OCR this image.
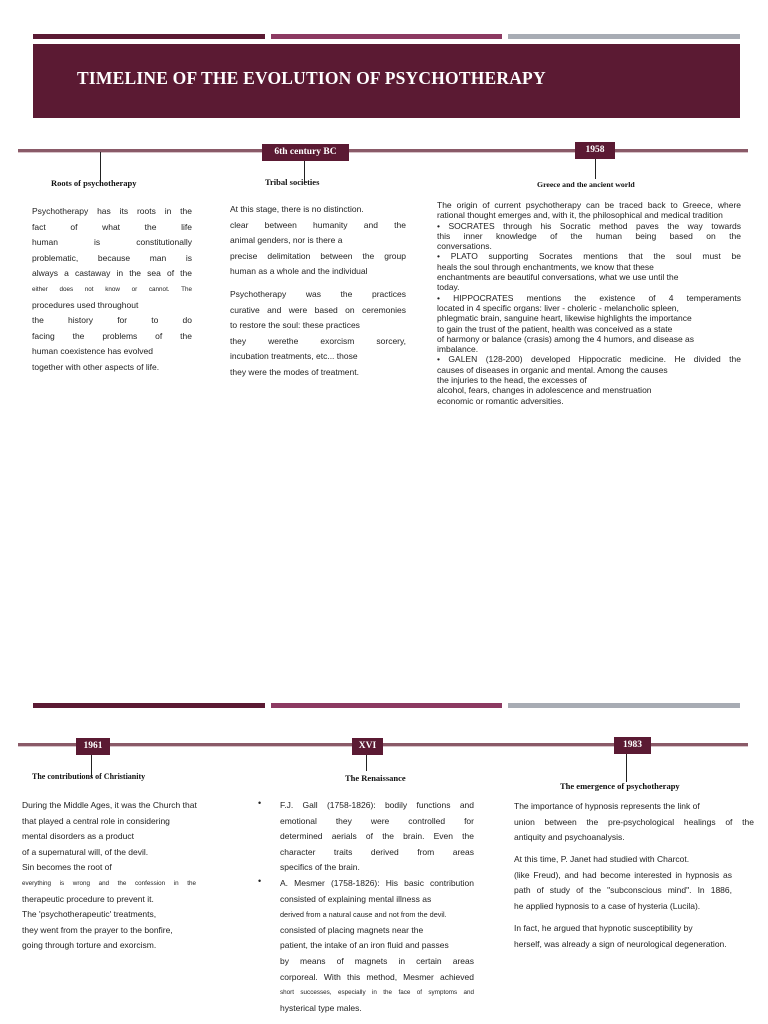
TIMELINE OF THE EVOLUTION OF PSYCHOTHERAPY
6th century BC	1958
Roots of psychotherapy	Tribal societies	Greece and the ancient world
Psychotherapy has its roots in the
fact of what the life
human is constitutionally
problematic, because man is
always a castaway in the sea of the
either does not know or cannot. The
procedures used throughout
the history for to do
facing the problems of the
human coexistence has evolved
together with other aspects of life.
At this stage, there is no distinction.
clear between humanity and the
animal genders, nor is there a
precise delimitation between the group
human as a whole and the individual
Psychotherapy was the practices
curative and were based on ceremonies
to restore the soul: these practices
they werethe exorcism sorcery,
incubation treatments, etc... those
they were the modes of treatment.
The origin of current psychotherapy can be traced back to Greece, where
rational thought emerges and, with it, the philosophical and medical tradition
• SOCRATES through his Socratic method paves the way towards
this inner knowledge of the human being based on the
conversations.
• PLATO supporting Socrates mentions that the soul must be
heals the soul through enchantments, we know that these
enchantments are beautiful conversations, what we use until the
today.
• HIPPOCRATES mentions the existence of 4 temperaments
located in 4 specific organs: liver - choleric - melancholic spleen,
phlegmatic brain, sanguine heart, likewise highlights the importance
to gain the trust of the patient, health was conceived as a state
of harmony or balance (crasis) among the 4 humors, and disease as
imbalance.
• GALEN (128-200) developed Hippocratic medicine. He divided the
causes of diseases in organic and mental. Among the causes
the injuries to the head, the excesses of
alcohol, fears, changes in adolescence and menstruation
economic or romantic adversities.
1961	XVI	1983
The contributions of Christianity	The Renaissance
The emergence of psychotherapy
During the Middle Ages, it was the Church that
that played a central role in considering
mental disorders as a product
of a supernatural will, of the devil.
Sin becomes the root of
everything is wrong and the confession in the
therapeutic procedure to prevent it.
The 'psychotherapeutic' treatments,
they went from the prayer to the bonfire,
going through torture and exorcism.
•
•
F.J. Gall (1758-1826): bodily functions and
emotional they were controlled for
determined aerials of the brain. Even the
character traits derived from areas
specifics of the brain.
A. Mesmer (1758-1826): His basic contribution
consisted of explaining mental illness as
derived from a natural cause and not from the devil.
consisted of placing magnets near the
patient, the intake of an iron fluid and passes
by means of magnets in certain areas
corporeal. With this method, Mesmer achieved
short successes, especially in the face of symptoms and
hysterical type males.
The importance of hypnosis represents the link of
union between the pre-psychological healings of the
antiquity and psychoanalysis.
At this time, P. Janet had studied with Charcot.
(like Freud), and had become interested in hypnosis as
path of study of the "subconscious mind". In 1886,
he applied hypnosis to a case of hysteria (Lucila).
In fact, he argued that hypnotic susceptibility by
herself, was already a sign of neurological degeneration.
